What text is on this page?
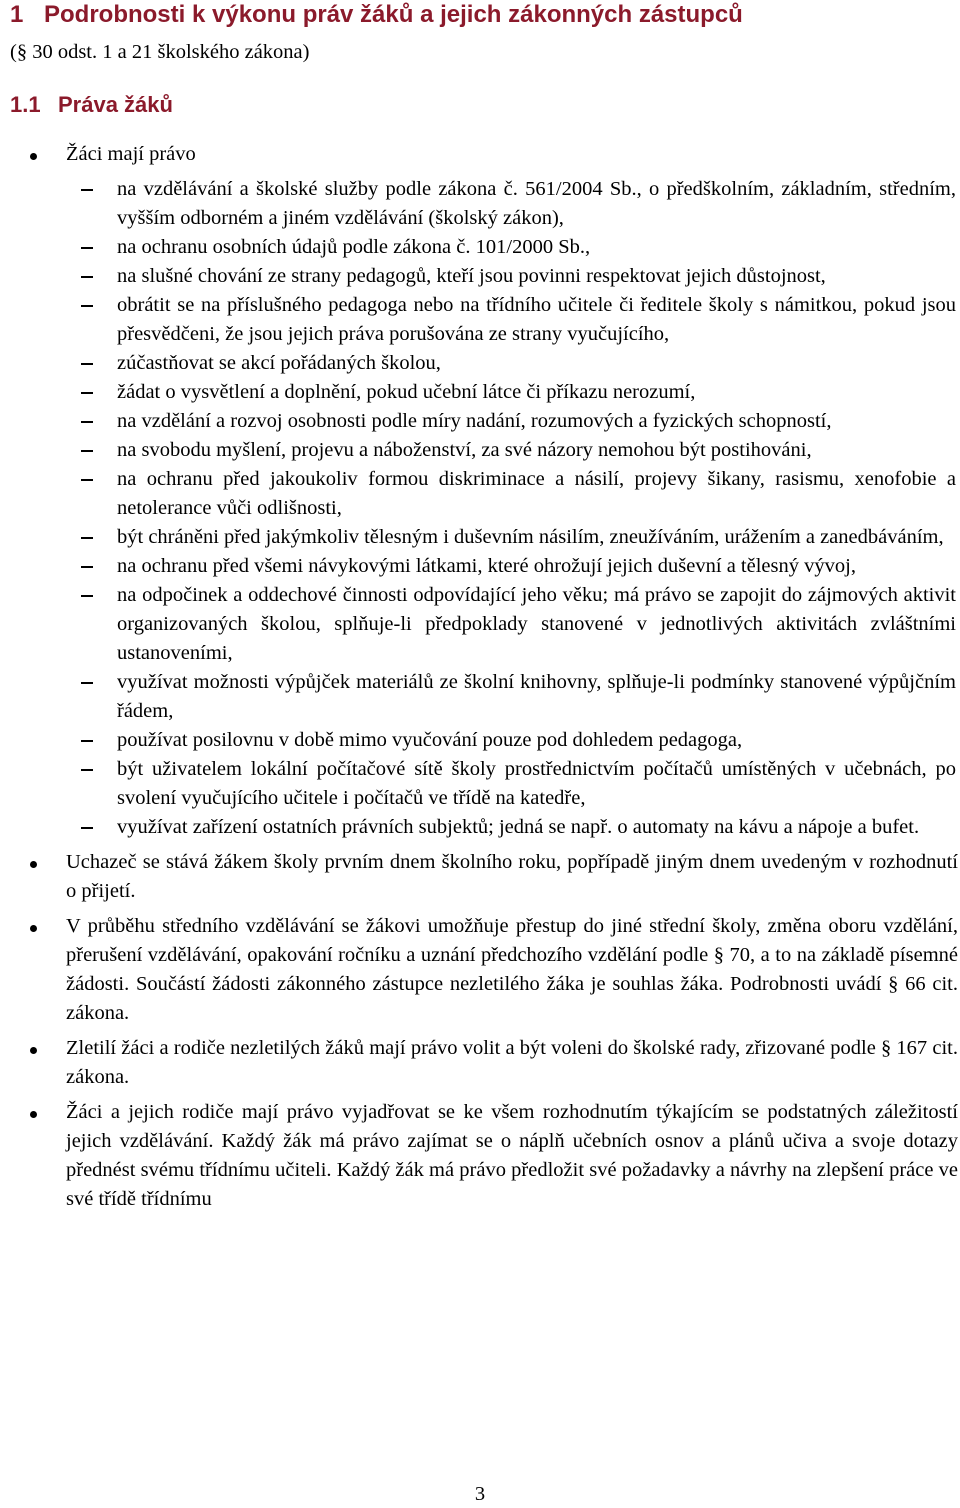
1 Podrobnosti k výkonu práv žáků a jejich zákonných zástupců
(§ 30 odst. 1 a 21 školského zákona)
1.1 Práva žáků
Žáci mají právo
na vzdělávání a školské služby podle zákona č. 561/2004 Sb., o předškolním, základním, středním, vyšším odborném a jiném vzdělávání (školský zákon),
na ochranu osobních údajů podle zákona č. 101/2000 Sb.,
na slušné chování ze strany pedagogů, kteří jsou povinni respektovat jejich důstojnost,
obrátit se na příslušného pedagoga nebo na třídního učitele či ředitele školy s námitkou, pokud jsou přesvědčeni, že jsou jejich práva porušována ze strany vyučujícího,
zúčastňovat se akcí pořádaných školou,
žádat o vysvětlení a doplnění, pokud učební látce či příkazu nerozumí,
na vzdělání a rozvoj osobnosti podle míry nadání, rozumových a fyzických schopností,
na svobodu myšlení, projevu a náboženství, za své názory nemohou být postihováni,
na ochranu před jakoukoliv formou diskriminace a násilí, projevy šikany, rasismu, xenofobie a netolerance vůči odlišnosti,
být chráněni před jakýmkoliv tělesným i duševním násilím, zneužíváním, urážením a zanedbáváním,
na ochranu před všemi návykovými látkami, které ohrožují jejich duševní a tělesný vývoj,
na odpočinek a oddechové činnosti odpovídající jeho věku; má právo se zapojit do zájmových aktivit organizovaných školou, splňuje-li předpoklady stanovené v jednotlivých aktivitách zvláštními ustanoveními,
využívat možnosti výpůjček materiálů ze školní knihovny, splňuje-li podmínky stanovené výpůjčním řádem,
používat posilovnu v době mimo vyučování pouze pod dohledem pedagoga,
být uživatelem lokální počítačové sítě školy prostřednictvím počítačů umístěných v učebnách, po svolení vyučujícího učitele i počítačů ve třídě na katedře,
využívat zařízení ostatních právních subjektů; jedná se např. o automaty na kávu a nápoje a bufet.
Uchazeč se stává žákem školy prvním dnem školního roku, popřípadě jiným dnem uvedeným v rozhodnutí o přijetí.
V průběhu středního vzdělávání se žákovi umožňuje přestup do jiné střední školy, změna oboru vzdělání, přerušení vzdělávání, opakování ročníku a uznání předchozího vzdělání podle § 70, a to na základě písemné žádosti. Součástí žádosti zákonného zástupce nezletilého žáka je souhlas žáka. Podrobnosti uvádí § 66 cit. zákona.
Zletilí žáci a rodiče nezletilých žáků mají právo volit a být voleni do školské rady, zřizované podle § 167 cit. zákona.
Žáci a jejich rodiče mají právo vyjadřovat se ke všem rozhodnutím týkajícím se podstatných záležitostí jejich vzdělávání. Každý žák má právo zajímat se o náplň učebních osnov a plánů učiva a svoje dotazy přednést svému třídnímu učiteli. Každý žák má právo předložit své požadavky a návrhy na zlepšení práce ve své třídě třídnímu
3
